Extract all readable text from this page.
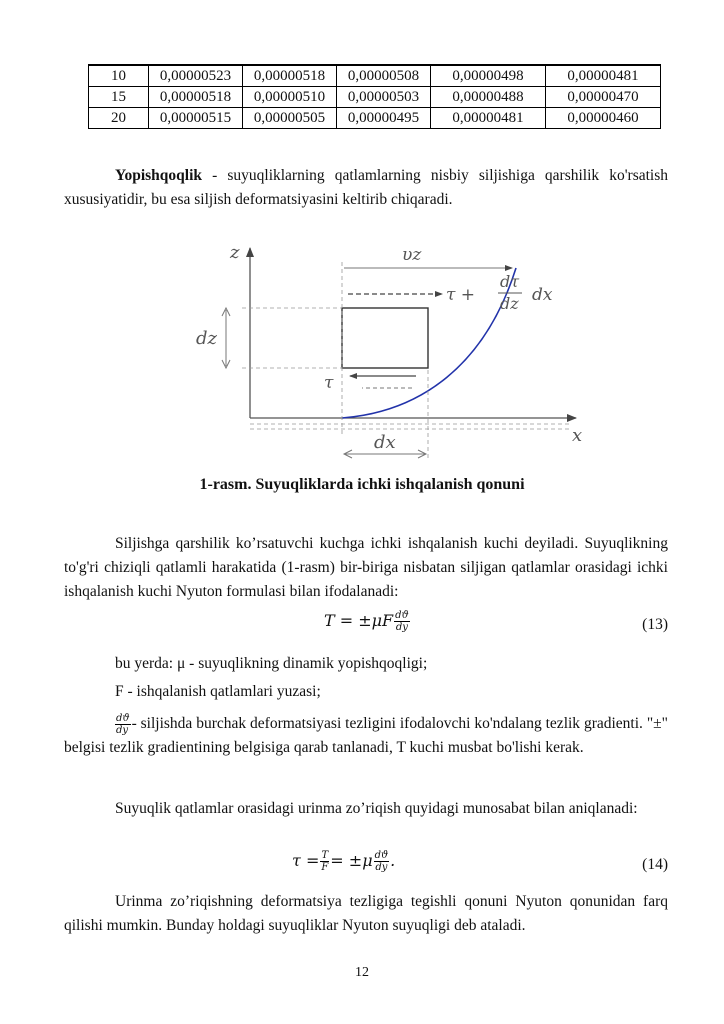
10	0,00000523	0,00000518	0,00000508	0,00000498	0,00000481
15	0,00000518	0,00000510	0,00000503	0,00000488	0,00000470
20	0,00000515	0,00000505	0,00000495	0,00000481	0,00000460

Yopishqoqlik - suyuqliklarning qatlamlarning nisbiy siljishiga qarshilik ko'rsatish xususiyatidir, bu esa siljish deformatsiyasini keltirib chiqaradi.

z
x
υz
τ +
dτ
dz dx
dz
τ
dx
1-rasm. Suyuqliklarda ichki ishqalanish qonuni

Siljishga qarshilik ko’rsatuvchi kuchga ichki ishqalanish kuchi deyiladi. Suyuqlikning to'g'ri chiziqli qatlamli harakatida (1-rasm) bir-biriga nisbatan siljigan qatlamlar orasidagi ichki ishqalanish kuchi Nyuton formulasi bilan ifodalanadi:

$T = \pm\mu F \frac{dϑ}{dy}$	(13)

bu yerda: μ - suyuqlikning dinamik yopishqoqligi;

F - ishqalanish qatlamlari yuzasi;

$\frac{dϑ}{dy}$ - siljishda burchak deformatsiyasi tezligini ifodalovchi ko'ndalang tezlik gradienti. "±" belgisi tezlik gradientining belgisiga qarab tanlanadi, T kuchi musbat bo'lishi kerak.

Suyuqlik qatlamlar orasidagi urinma zo’riqish quyidagi munosabat bilan aniqlanadi:

$\tau = \frac{T}{F} = \pm\mu \frac{dϑ}{dy}$ .	(14)

Urinma zo’riqishning deformatsiya tezligiga tegishli qonuni Nyuton qonunidan farq qilishi mumkin. Bunday holdagi suyuqliklar Nyuton suyuqligi deb ataladi.

12
